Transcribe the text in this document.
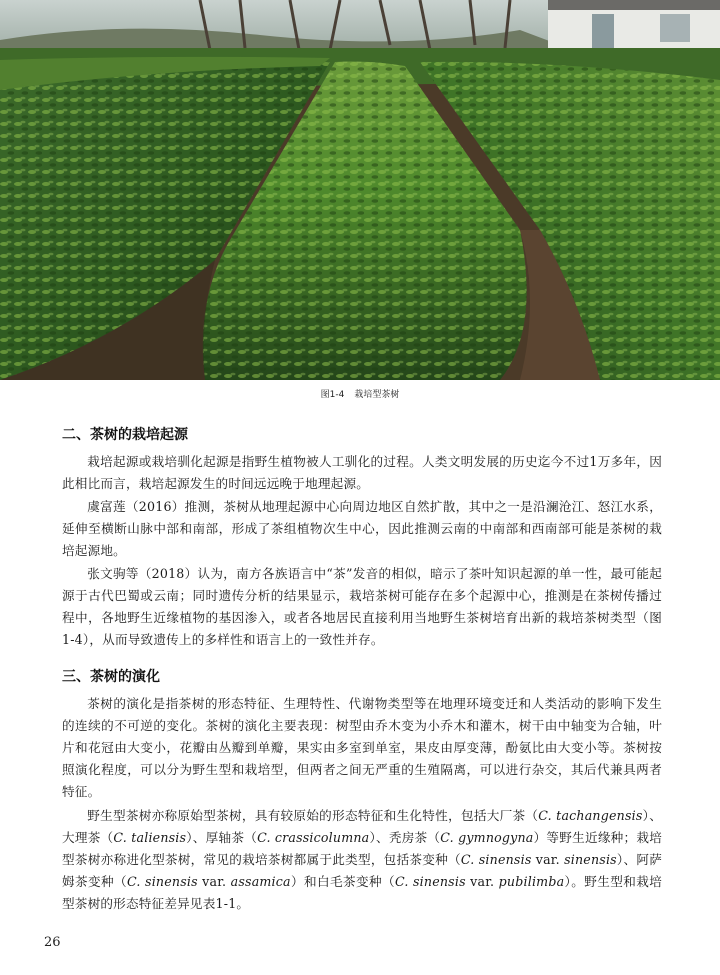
图1-4 栽培型茶树
二、茶树的栽培起源

栽培起源或栽培驯化起源是指野生植物被人工驯化的过程。人类文明发展的历史迄今不过1万多年，因此相比而言，栽培起源发生的时间远远晚于地理起源。

虞富莲（2016）推测，茶树从地理起源中心向周边地区自然扩散，其中之一是沿澜沧江、怒江水系，延伸至横断山脉中部和南部，形成了茶组植物次生中心，因此推测云南的中南部和西南部可能是茶树的栽培起源地。

张文驹等（2018）认为，南方各族语言中“茶”发音的相似，暗示了茶叶知识起源的单一性，最可能起源于古代巴蜀或云南；同时遗传分析的结果显示，栽培茶树可能存在多个起源中心，推测是在茶树传播过程中，各地野生近缘植物的基因渗入，或者各地居民直接利用当地野生茶树培育出新的栽培茶树类型（图1-4），从而导致遗传上的多样性和语言上的一致性并存。

三、茶树的演化

茶树的演化是指茶树的形态特征、生理特性、代谢物类型等在地理环境变迁和人类活动的影响下发生的连续的不可逆的变化。茶树的演化主要表现：树型由乔木变为小乔木和灌木，树干由中轴变为合轴，叶片和花冠由大变小，花瓣由丛瓣到单瓣，果实由多室到单室，果皮由厚变薄，酚氨比由大变小等。茶树按照演化程度，可以分为野生型和栽培型，但两者之间无严重的生殖隔离，可以进行杂交，其后代兼具两者特征。

野生型茶树亦称原始型茶树，具有较原始的形态特征和生化特性，包括大厂茶（C. tachangensis）、大理茶（C. taliensis）、厚轴茶（C. crassicolumna）、秃房茶（C. gymnogyna）等野生近缘种；栽培型茶树亦称进化型茶树，常见的栽培茶树都属于此类型，包括茶变种（C. sinensis var. sinensis）、阿萨姆茶变种（C. sinensis var. assamica）和白毛茶变种（C. sinensis var. pubilimba）。野生型和栽培型茶树的形态特征差异见表1-1。

26
